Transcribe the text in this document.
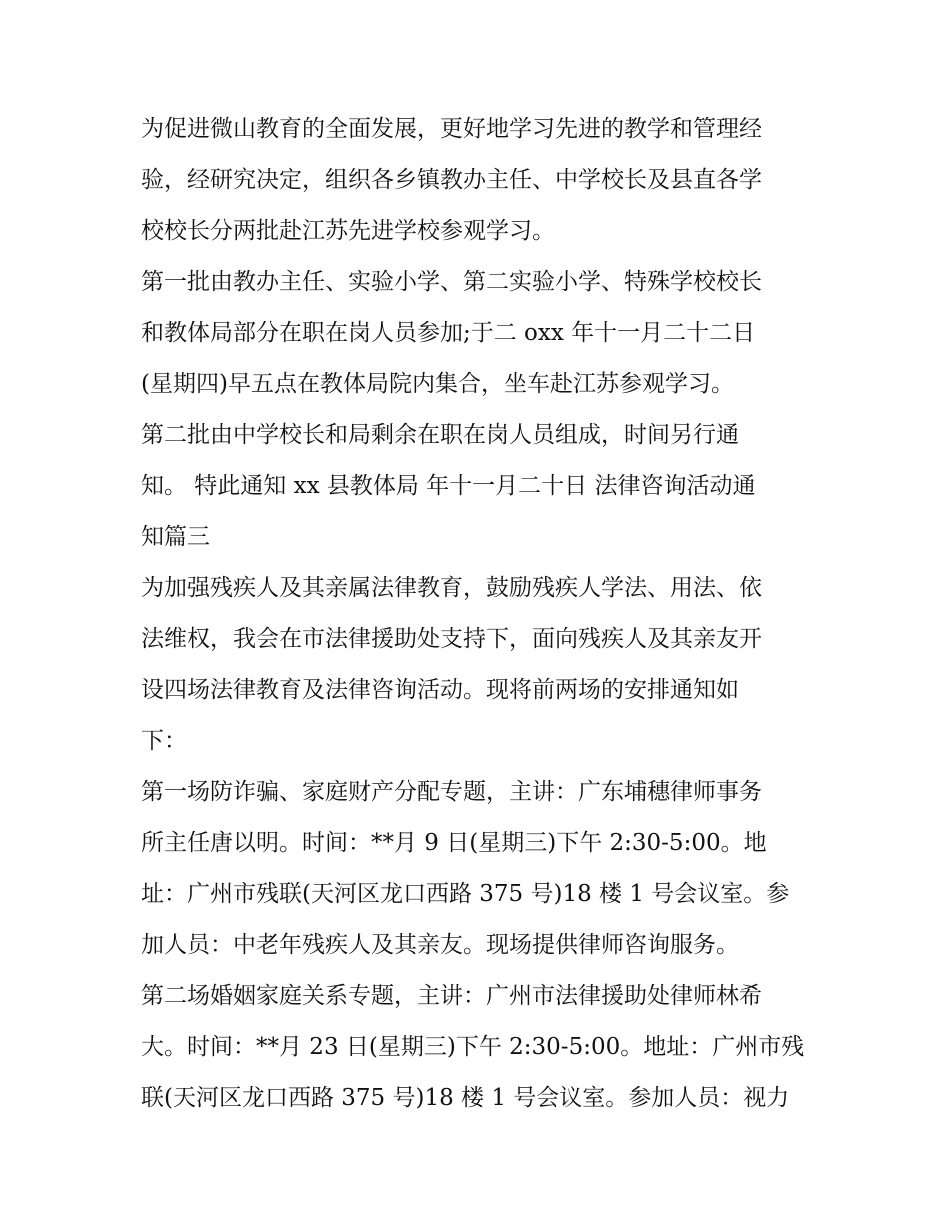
为促进微山教育的全面发展，更好地学习先进的教学和管理经
验，经研究决定，组织各乡镇教办主任、中学校长及县直各学
校校长分两批赴江苏先进学校参观学习。
第一批由教办主任、实验小学、第二实验小学、特殊学校校长
和教体局部分在职在岗人员参加;于二 oxx 年十一月二十二日
(星期四)早五点在教体局院内集合，坐车赴江苏参观学习。
第二批由中学校长和局剩余在职在岗人员组成，时间另行通
知。 特此通知 xx 县教体局 年十一月二十日 法律咨询活动通
知篇三
为加强残疾人及其亲属法律教育，鼓励残疾人学法、用法、依
法维权，我会在市法律援助处支持下，面向残疾人及其亲友开
设四场法律教育及法律咨询活动。现将前两场的安排通知如
下：
第一场防诈骗、家庭财产分配专题，主讲：广东埔穗律师事务
所主任唐以明。时间：**月 9 日(星期三)下午 2:30-5:00。地
址：广州市残联(天河区龙口西路 375 号)18 楼 1 号会议室。参
加人员：中老年残疾人及其亲友。现场提供律师咨询服务。
第二场婚姻家庭关系专题，主讲：广州市法律援助处律师林希
大。时间：**月 23 日(星期三)下午 2:30-5:00。地址：广州市残
联(天河区龙口西路 375 号)18 楼 1 号会议室。参加人员：视力
